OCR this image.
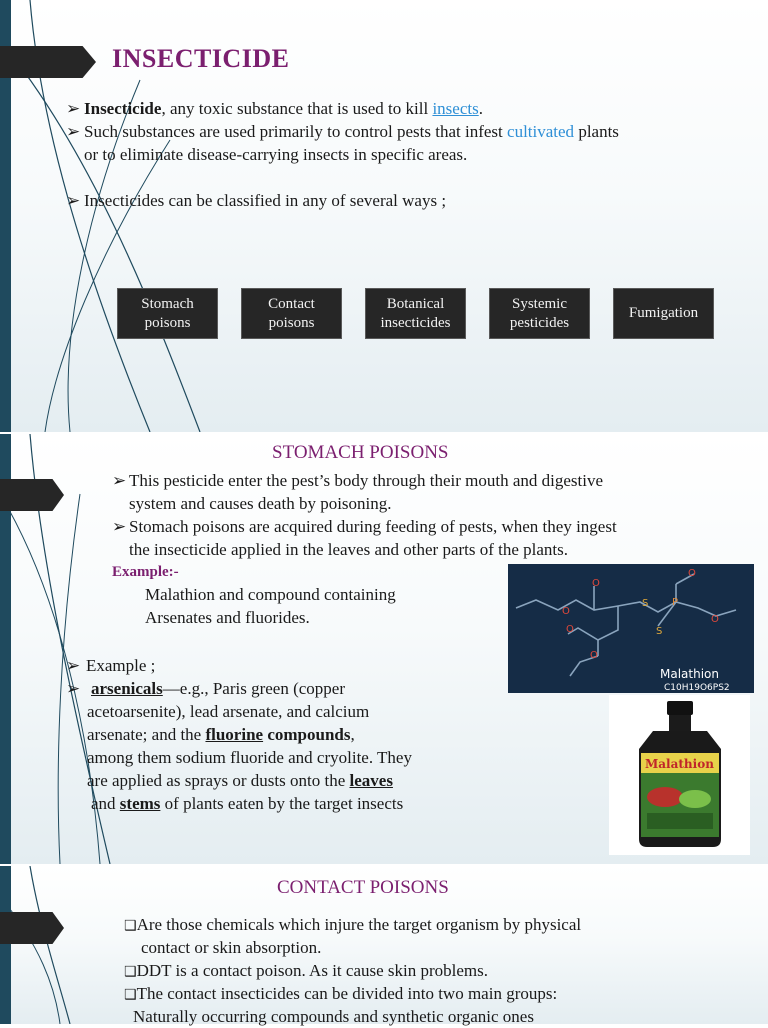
INSECTICIDE
➢ Insecticide, any toxic substance that is used to kill insects.
➢ Such substances are used primarily to control pests that infest cultivated plants
or to eliminate disease-carrying insects in specific areas.
➢ Insecticides can be classified in any of several ways ;
Stomach
poisons
Contact
poisons
Botanical
insecticides
Systemic
pesticides
Fumigation
STOMACH POISONS
➢ This pesticide enter the pest’s body through their mouth and digestive
system and causes death by poisoning.
➢ Stomach poisons are acquired during feeding of pests, when they ingest
the insecticide applied in the leaves and other parts of the plants.
Example:-
Malathion and compound containing
Arsenates and fluorides.
➢ Example ;
➢ arsenicals—e.g., Paris green (copper
acetoarsenite), lead arsenate, and calcium
arsenate; and the fluorine compounds,
among them sodium fluoride and cryolite. They
are applied as sprays or dusts onto the leaves
and stems of plants eaten by the target insects
O
O
S P
O
O
S
O
O
Malathion
C10H19O6PS2
Malathion
CONTACT POISONS
❑Are those chemicals which injure the target organism by physical
contact or skin absorption.
❑DDT is a contact poison. As it cause skin problems.
❑The contact insecticides can be divided into two main groups:
Naturally occurring compounds and synthetic organic ones
